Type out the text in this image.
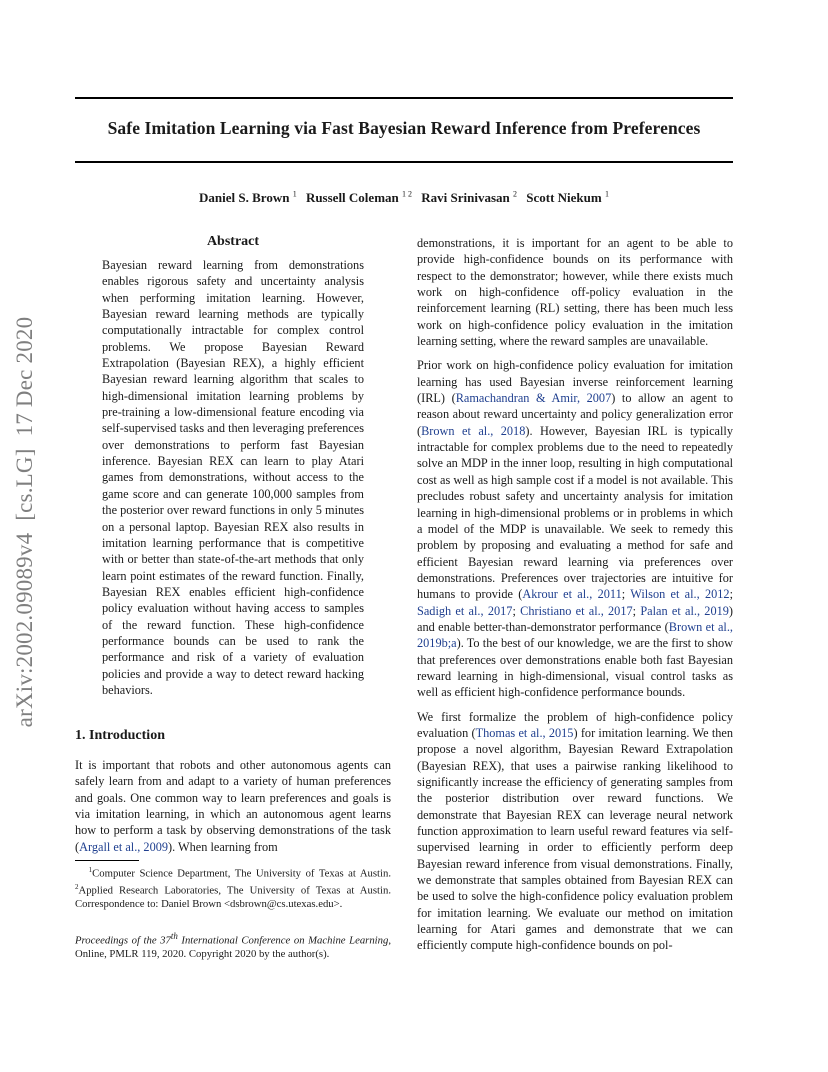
Safe Imitation Learning via Fast Bayesian Reward Inference from Preferences
Daniel S. Brown $^1$ Russell Coleman $^{1 2}$ Ravi Srinivasan $^2$ Scott Niekum $^1$
arXiv:2002.09089v4[cs.LG]17 Dec 2020
Abstract

Bayesian reward learning from demonstrations enables rigorous safety and uncertainty analysis when performing imitation learning. However, Bayesian reward learning methods are typically computationally intractable for complex control problems. We propose Bayesian Reward Extrapolation (Bayesian REX), a highly efficient Bayesian reward learning algorithm that scales to high-dimensional imitation learning problems by pre-training a low-dimensional feature encoding via self-supervised tasks and then leveraging preferences over demonstrations to perform fast Bayesian inference. Bayesian REX can learn to play Atari games from demonstrations, without access to the game score and can generate 100,000 samples from the posterior over reward functions in only 5 minutes on a personal laptop. Bayesian REX also results in imitation learning performance that is competitive with or better than state-of-the-art methods that only learn point estimates of the reward function. Finally, Bayesian REX enables efficient high-confidence policy evaluation without having access to samples of the reward function. These high-confidence performance bounds can be used to rank the performance and risk of a variety of evaluation policies and provide a way to detect reward hacking behaviors.

1. Introduction

It is important that robots and other autonomous agents can safely learn from and adapt to a variety of human preferences and goals. One common way to learn preferences and goals is via imitation learning, in which an autonomous agent learns how to perform a task by observing demonstrations of the task (Argall et al., 2009). When learning from

$^1$Computer Science Department, The University of Texas at Austin. $^2$Applied Research Laboratories, The University of Texas at Austin. Correspondence to: Daniel Brown <dsbrown@cs.utexas.edu>.
Proceedings of the 37th International Conference on Machine Learning, Online, PMLR 119, 2020. Copyright 2020 by the author(s).

demonstrations, it is important for an agent to be able to provide high-confidence bounds on its performance with respect to the demonstrator; however, while there exists much work on high-confidence off-policy evaluation in the reinforcement learning (RL) setting, there has been much less work on high-confidence policy evaluation in the imitation learning setting, where the reward samples are unavailable.

Prior work on high-confidence policy evaluation for imitation learning has used Bayesian inverse reinforcement learning (IRL) (Ramachandran & Amir, 2007) to allow an agent to reason about reward uncertainty and policy generalization error (Brown et al., 2018). However, Bayesian IRL is typically intractable for complex problems due to the need to repeatedly solve an MDP in the inner loop, resulting in high computational cost as well as high sample cost if a model is not available. This precludes robust safety and uncertainty analysis for imitation learning in high-dimensional problems or in problems in which a model of the MDP is unavailable. We seek to remedy this problem by proposing and evaluating a method for safe and efficient Bayesian reward learning via preferences over demonstrations. Preferences over trajectories are intuitive for humans to provide (Akrour et al., 2011; Wilson et al., 2012; Sadigh et al., 2017; Christiano et al., 2017; Palan et al., 2019) and enable better-than-demonstrator performance (Brown et al., 2019b;a). To the best of our knowledge, we are the first to show that preferences over demonstrations enable both fast Bayesian reward learning in high-dimensional, visual control tasks as well as efficient high-confidence performance bounds.

We first formalize the problem of high-confidence policy evaluation (Thomas et al., 2015) for imitation learning. We then propose a novel algorithm, Bayesian Reward Extrapolation (Bayesian REX), that uses a pairwise ranking likelihood to significantly increase the efficiency of generating samples from the posterior distribution over reward functions. We demonstrate that Bayesian REX can leverage neural network function approximation to learn useful reward features via self-supervised learning in order to efficiently perform deep Bayesian reward inference from visual demonstrations. Finally, we demonstrate that samples obtained from Bayesian REX can be used to solve the high-confidence policy evaluation problem for imitation learning. We evaluate our method on imitation learning for Atari games and demonstrate that we can efficiently compute high-confidence bounds on pol-
